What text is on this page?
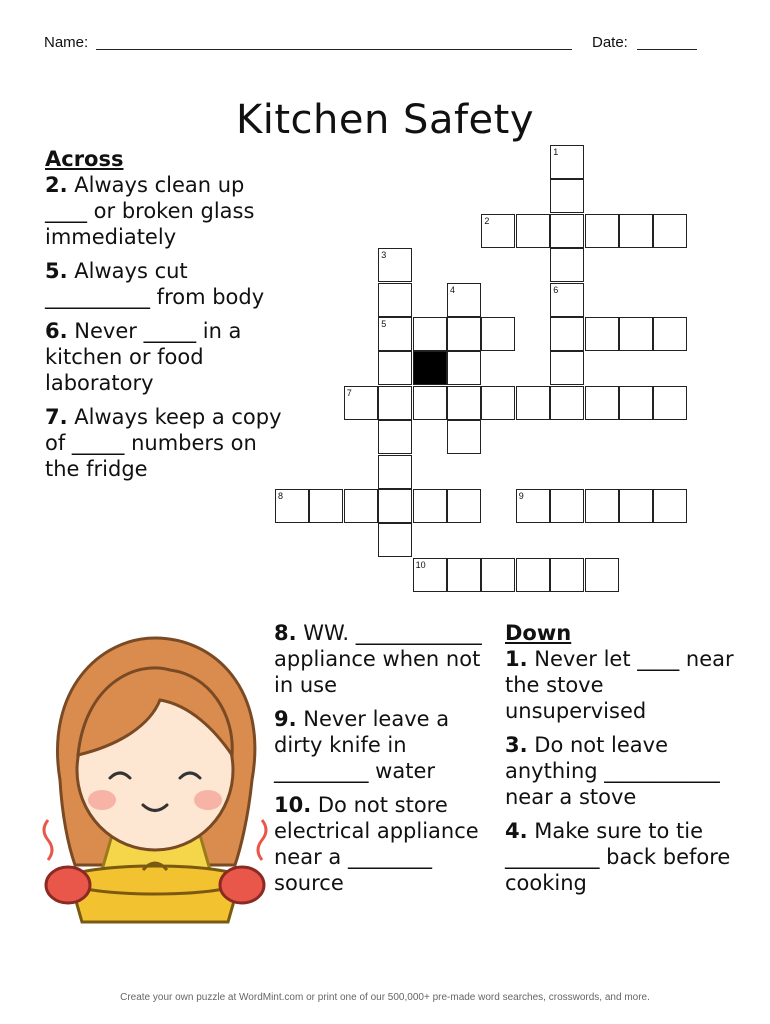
Name:	Date:
Kitchen Safety
Across
2. Always clean up ____ or broken glass immediately
5. Always cut __________ from body
6. Never _____ in a kitchen or food laboratory
7. Always keep a copy of _____ numbers on the fridge
8. WW. ____________ appliance when not in use
9. Never leave a dirty knife in _________ water
10. Do not store electrical appliance near a ________ source
Down
1. Never let ____ near the stove unsupervised
3. Do not leave anything ___________ near a stove
4. Make sure to tie _________ back before cooking
1
6
2
3
5
4
7
8	9
10
Create your own puzzle at WordMint.com or print one of our 500,000+ pre-made word searches, crosswords, and more.
